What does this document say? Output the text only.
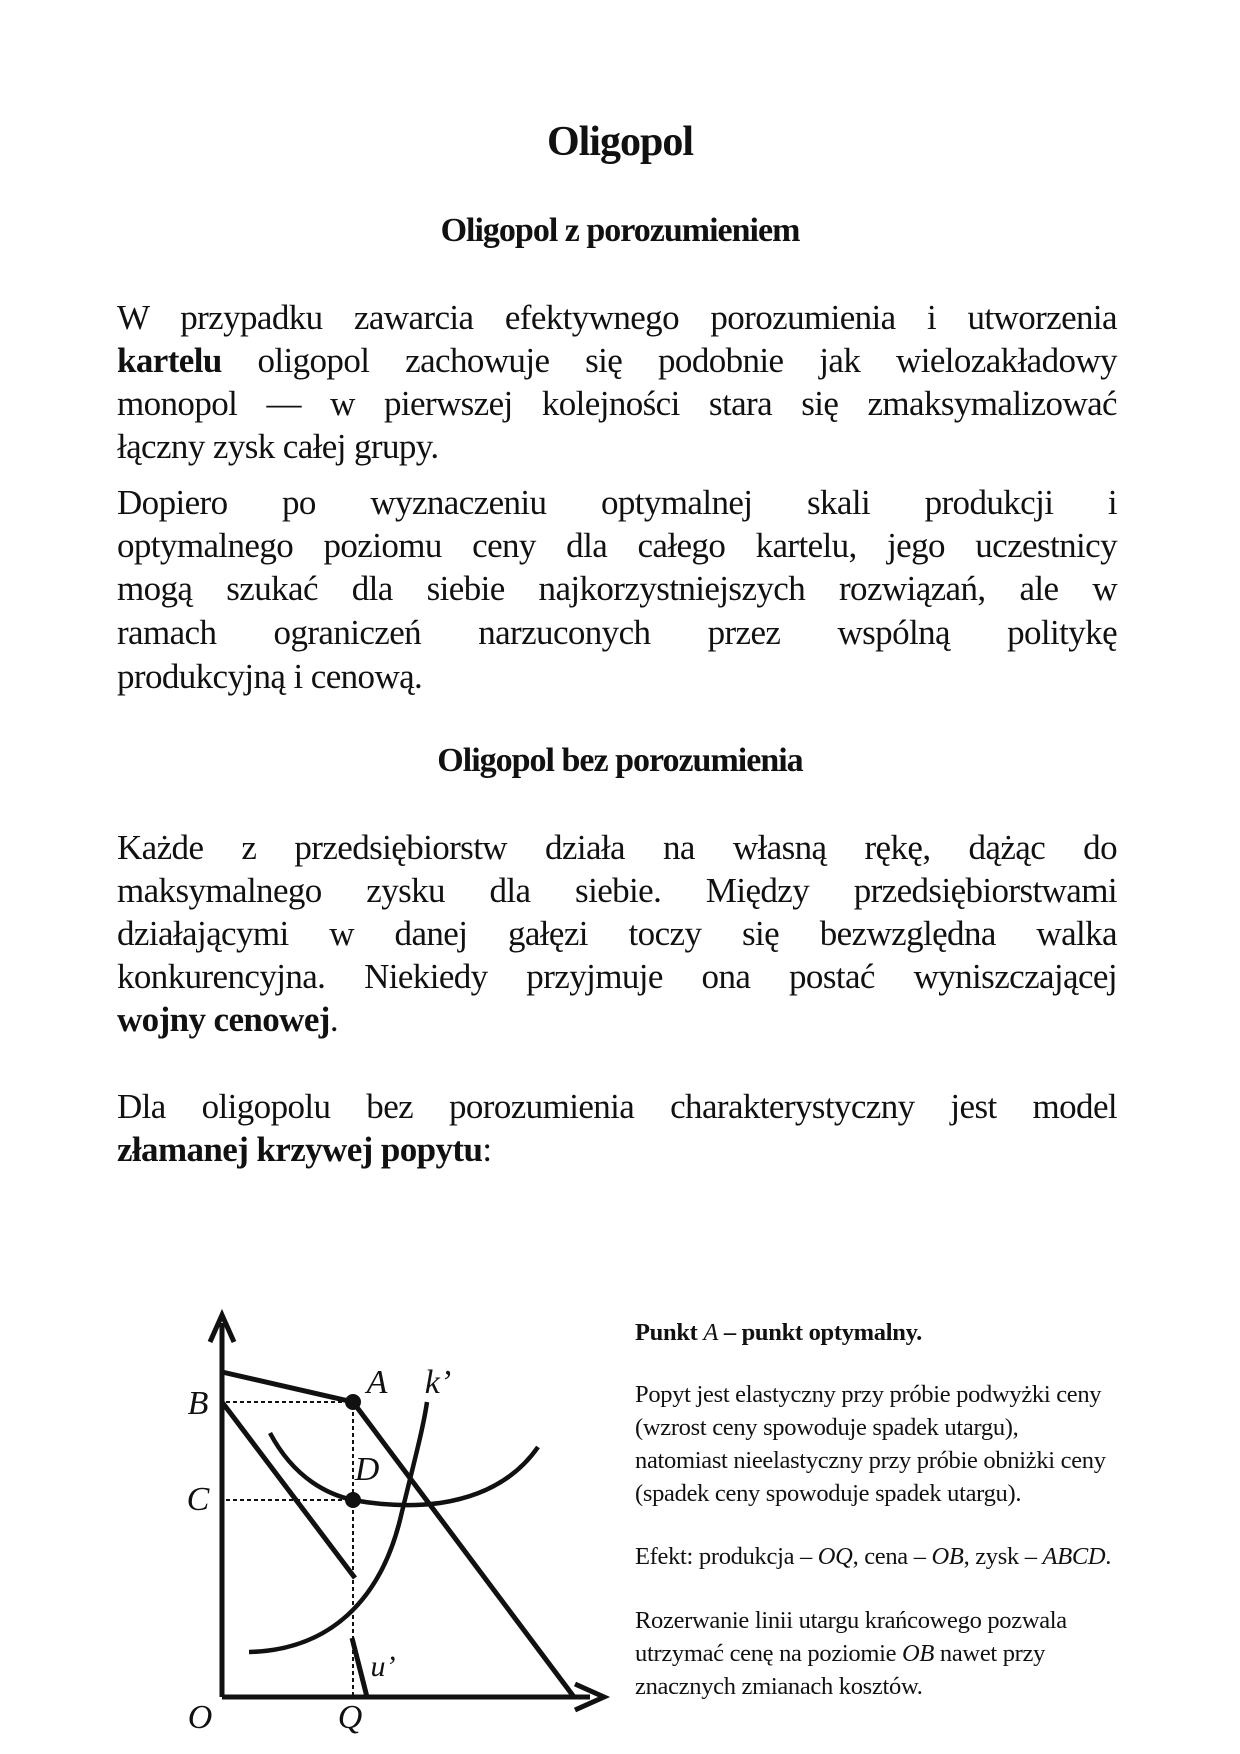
Oligopol
Oligopol z porozumieniem
W przypadku zawarcia efektywnego porozumienia i utworzenia
kartelu oligopol zachowuje się podobnie jak wielozakładowy
monopol — w pierwszej kolejności stara się zmaksymalizować
łączny zysk całej grupy.
Dopiero po wyznaczeniu optymalnej skali produkcji i
optymalnego poziomu ceny dla całego kartelu, jego uczestnicy
mogą szukać dla siebie najkorzystniejszych rozwiązań, ale w
ramach ograniczeń narzuconych przez wspólną politykę
produkcyjną i cenową.
Oligopol bez porozumienia
Każde z przedsiębiorstw działa na własną rękę, dążąc do
maksymalnego zysku dla siebie. Między przedsiębiorstwami
działającymi w danej gałęzi toczy się bezwzględna walka
konkurencyjna. Niekiedy przyjmuje ona postać wyniszczającej
wojny cenowej.
Dla oligopolu bez porozumienia charakterystyczny jest model
złamanej krzywej popytu:
B
C
O	Q
A k’
D
u’
Punkt A – punkt optymalny.
Popyt jest elastyczny przy próbie podwyżki ceny
(wzrost ceny spowoduje spadek utargu),
natomiast nieelastyczny przy próbie obniżki ceny
(spadek ceny spowoduje spadek utargu).
Efekt: produkcja – OQ, cena – OB, zysk – ABCD.
Rozerwanie linii utargu krańcowego pozwala
utrzymać cenę na poziomie OB nawet przy
znacznych zmianach kosztów.
